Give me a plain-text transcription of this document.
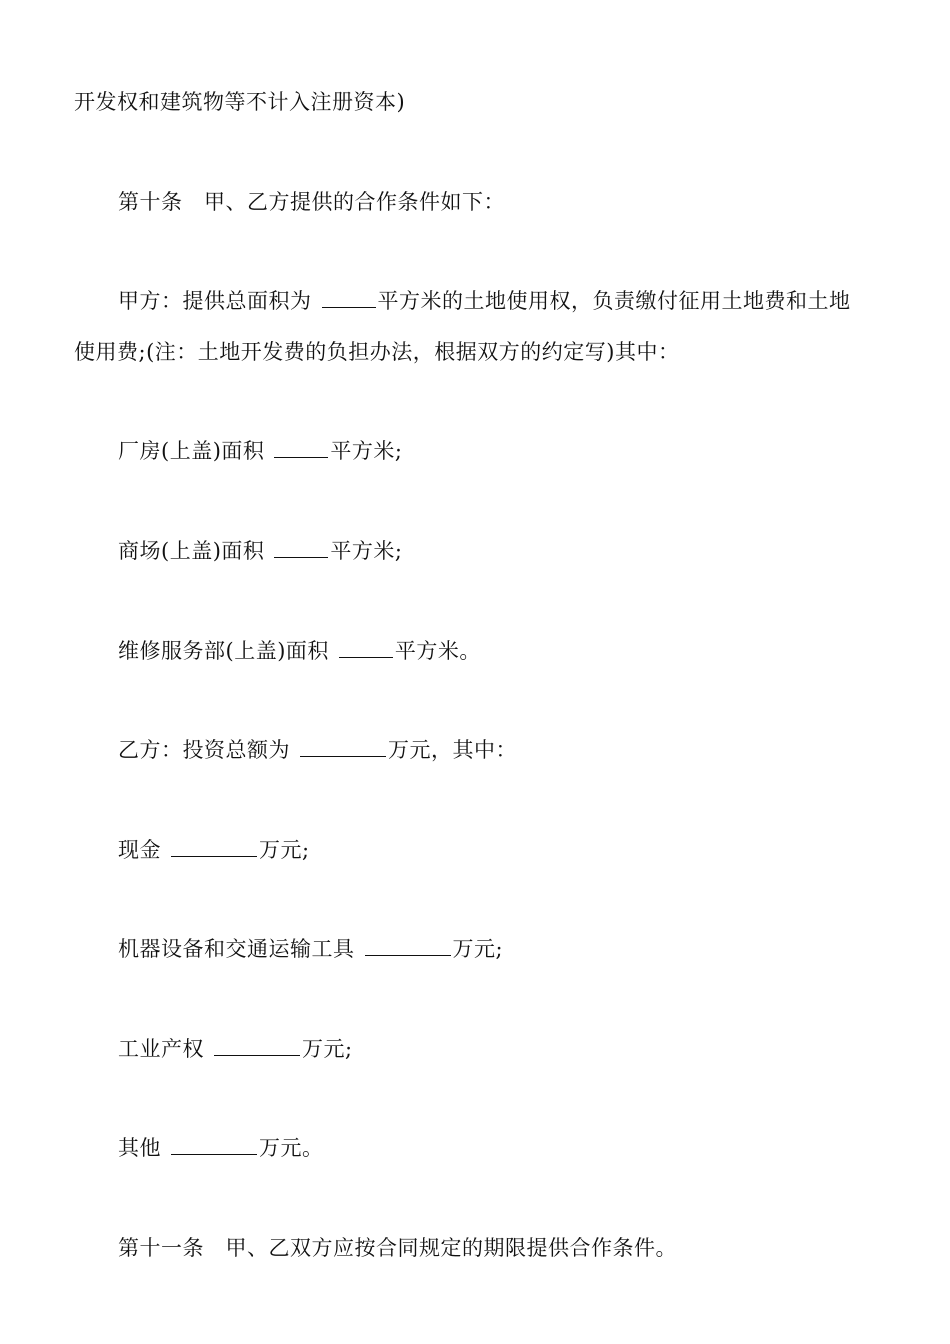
开发权和建筑物等不计入注册资本)
第十条　甲、乙方提供的合作条件如下：
甲方：提供总面积为	平方米的土地使用权，负责缴付征用土地费和土地
使用费;(注：土地开发费的负担办法，根据双方的约定写)其中：
厂房(上盖)面积	平方米;
商场(上盖)面积	平方米;
维修服务部(上盖)面积	平方米。
乙方：投资总额为	万元，其中：
现金	万元;
机器设备和交通运输工具	万元;
工业产权	万元;
其他	万元。
第十一条　甲、乙双方应按合同规定的期限提供合作条件。
